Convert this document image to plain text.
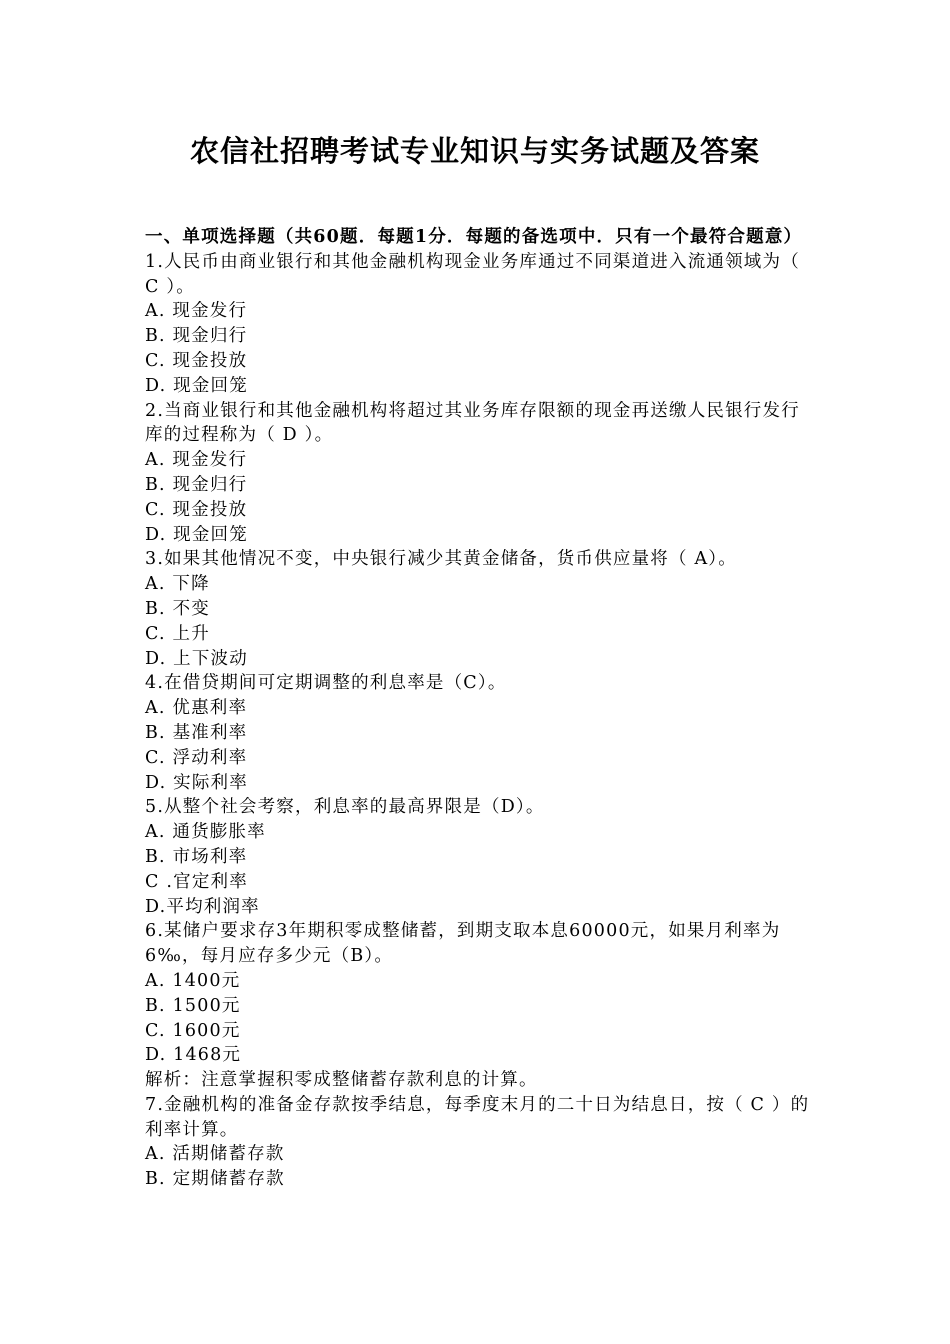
农信社招聘考试专业知识与实务试题及答案
一、单项选择题（共60题．每题1分．每题的备选项中．只有一个最符合题意）
1.人民币由商业银行和其他金融机构现金业务库通过不同渠道进入流通领域为（ C ）。
A. 现金发行
B. 现金归行
C. 现金投放
D. 现金回笼
2.当商业银行和其他金融机构将超过其业务库存限额的现金再送缴人民银行发行库的过程称为（ D ）。
A. 现金发行
B. 现金归行
C. 现金投放
D. 现金回笼
3.如果其他情况不变，中央银行减少其黄金储备，货币供应量将（ A）。
A. 下降
B. 不变
C. 上升
D. 上下波动
4.在借贷期间可定期调整的利息率是（C）。
A. 优惠利率
B. 基准利率
C. 浮动利率
D. 实际利率
5.从整个社会考察，利息率的最高界限是（D）。
A. 通货膨胀率
B. 市场利率
C .官定利率
D.平均利润率
6.某储户要求存3年期积零成整储蓄，到期支取本息60000元，如果月利率为6‰，每月应存多少元（B）。
A. 1400元
B. 1500元
C. 1600元
D. 1468元
解析：注意掌握积零成整储蓄存款利息的计算。
7.金融机构的准备金存款按季结息，每季度末月的二十日为结息日，按（ C ）的利率计算。
A. 活期储蓄存款
B. 定期储蓄存款
